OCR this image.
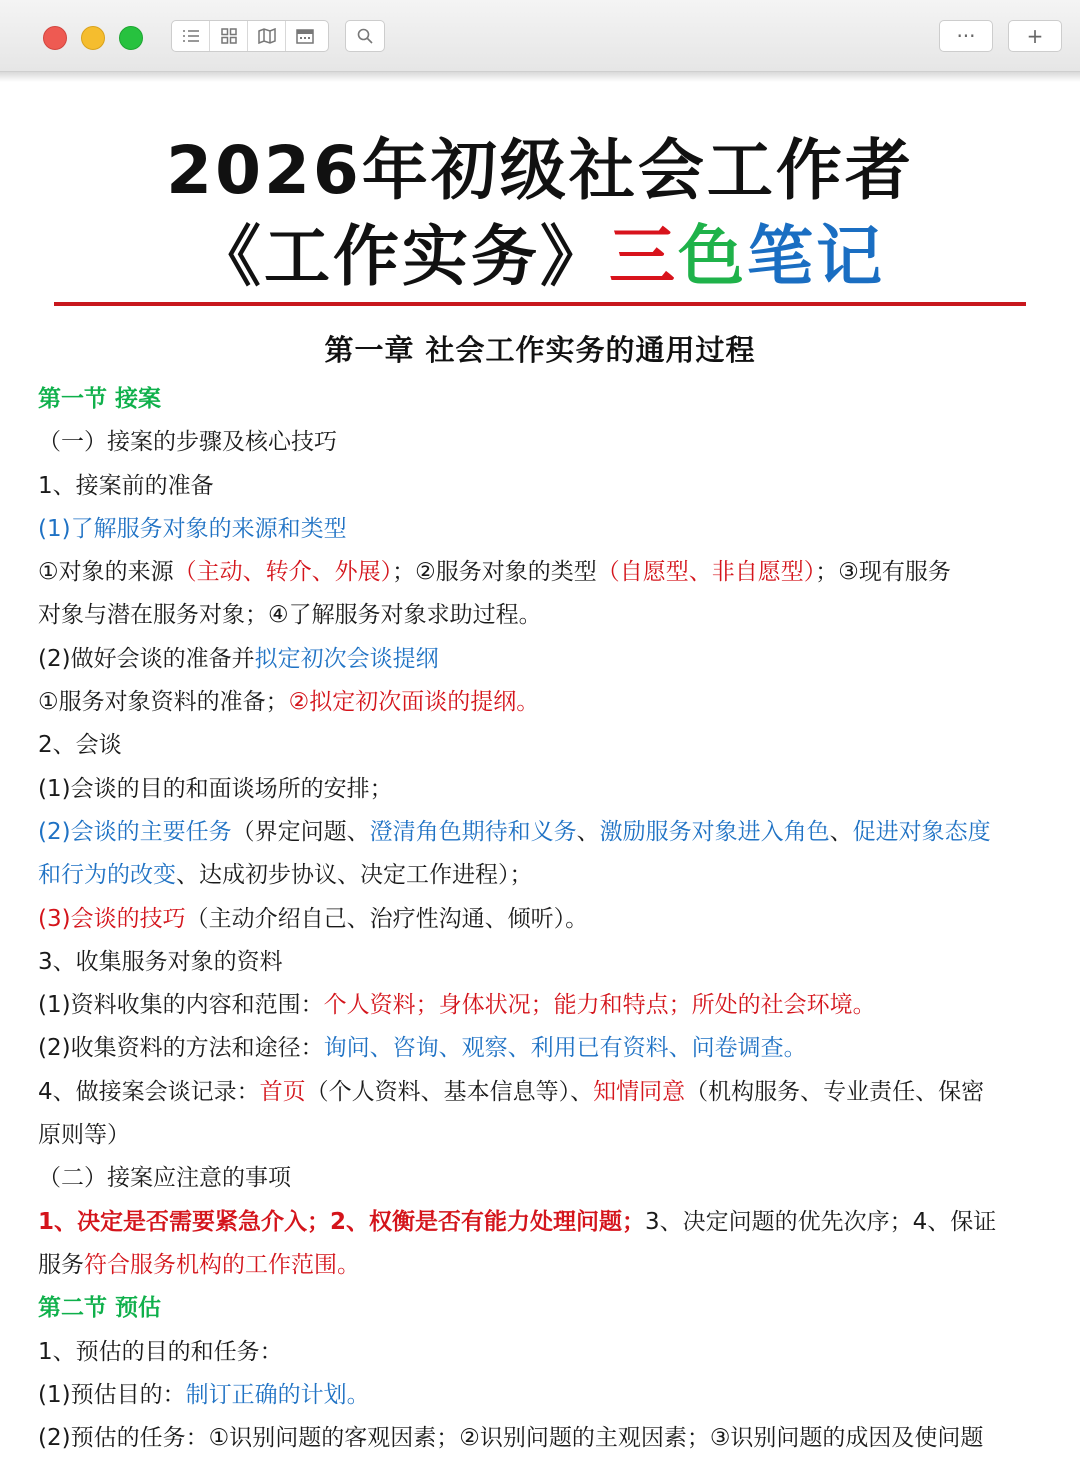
···	+
2026年初级社会工作者
《工作实务》三色笔记
第一章 社会工作实务的通用过程
第一节 接案
（一）接案的步骤及核心技巧
1、接案前的准备
(1)了解服务对象的来源和类型
①对象的来源（主动、转介、外展）；②服务对象的类型（自愿型、非自愿型）；③现有服务
对象与潜在服务对象；④了解服务对象求助过程。
(2)做好会谈的准备并拟定初次会谈提纲
①服务对象资料的准备；②拟定初次面谈的提纲。
2、会谈
(1)会谈的目的和面谈场所的安排；
(2)会谈的主要任务（界定问题、澄清角色期待和义务、激励服务对象进入角色、促进对象态度
和行为的改变、达成初步协议、决定工作进程）；
(3)会谈的技巧（主动介绍自己、治疗性沟通、倾听）。
3、收集服务对象的资料
(1)资料收集的内容和范围：个人资料；身体状况；能力和特点；所处的社会环境。
(2)收集资料的方法和途径：询问、咨询、观察、利用已有资料、问卷调查。
4、做接案会谈记录：首页（个人资料、基本信息等）、知情同意（机构服务、专业责任、保密
原则等）
（二）接案应注意的事项
1、决定是否需要紧急介入；2、权衡是否有能力处理问题；3、决定问题的优先次序；4、保证
服务符合服务机构的工作范围。
第二节 预估
1、预估的目的和任务：
(1)预估目的：制订正确的计划。
(2)预估的任务：①识别问题的客观因素；②识别问题的主观因素；③识别问题的成因及使问题
